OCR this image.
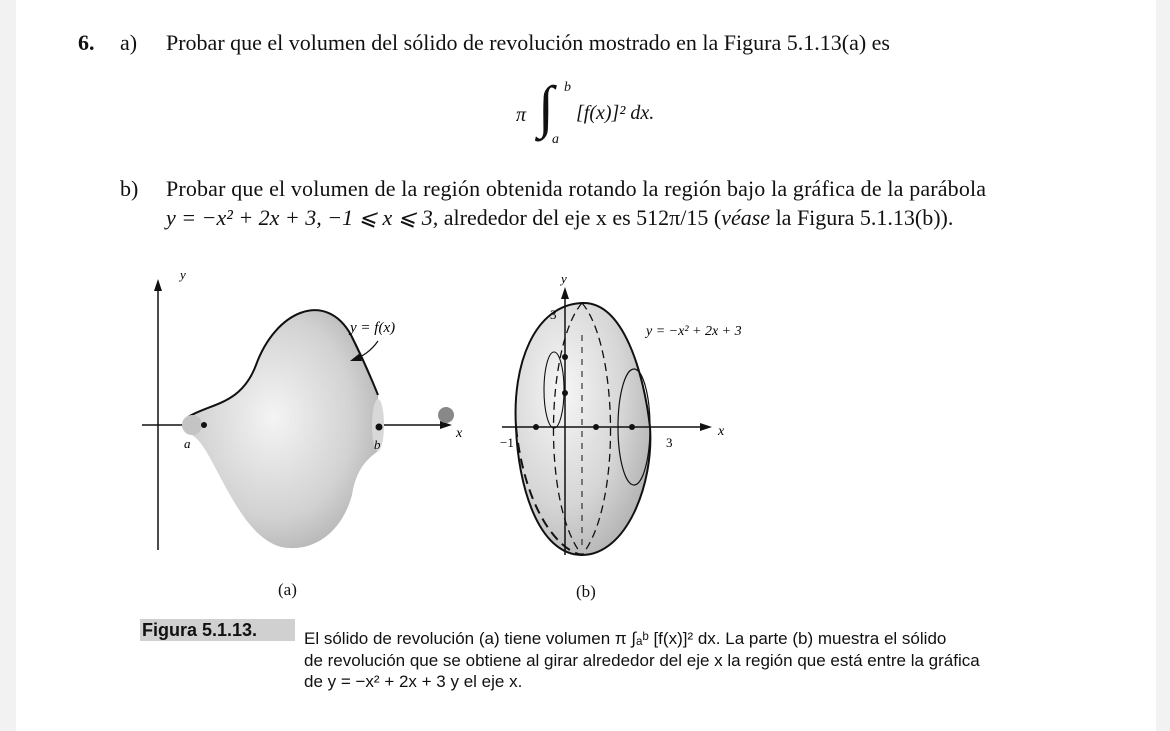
6. a) Probar que el volumen del sólido de revolución mostrado en la Figura 5.1.13(a) es
π ∫ b
a
[f(x)]² dx.
b) Probar que el volumen de la región obtenida rotando la región bajo la gráfica de la parábola
y = −x² + 2x + 3, −1 ⩽ x ⩽ 3, alrededor del eje x es 512π/15 (véase la Figura 5.1.13(b)).
y
x
y = f(x)
a	b
(a)
y
3
x
−1	3
y = −x² + 2x + 3
(b)
Figura 5.1.13.	El sólido de revolución (a) tiene volumen π ∫ₐᵇ [f(x)]² dx. La parte (b) muestra el sólido
de revolución que se obtiene al girar alrededor del eje x la región que está entre la gráfica
de y = −x² + 2x + 3 y el eje x.
